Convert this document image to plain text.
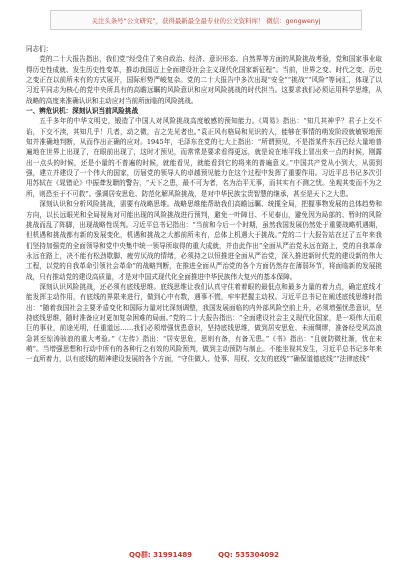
关注头条号“公文研究”，获得最新最全最专业的公文资料库！ 微信：gongwenyj

同志们：

党的二十大报告指出，我们党“经受住了来自政治、经济、意识形态、自然界等方面的风险挑战考验，党和国家事业取得历史性成就、发生历史性变革，推动我国迈上全面建设社会主义现代化国家新征程”。当前，世界之变、时代之变、历史之变正在以前所未有的方式展开，国际形势严峻复杂。党的二十大报告中多次出现“安全”“挑战”“风险”等词汇，体现了以习近平同志为核心的党中央所具有的高瞻远瞩的风险意识和应对风险挑战的时代担当。这要求我们必须运用科学思维，从战略的高度来准确认识和主动应对当前所面临的风险挑战。

一、辨危识机：深刻认识当前风险挑战

五千多年的中华文明史，锻造了中国人对风险挑战高度敏感的预知能力。《周易》指出：“知几其神乎？君子上交不谄，下交不渎，其知几乎！几者，动之微，吉之先见者也。”袁正风有格局和见识的人，能够在事情的萌发阶段就敏锐地预知并准确地判断，从而作出正确的应对。1945年，毛泽东在党的七大上指出：“所谓预见，不是指某件东西已经大量地普遍地在世界上出现了，在眼前出现了，这时才预见，而常常是要求看得更远，就是说在地平线上冒出来一点的时候，刚露出一点头的时候，还是小量的不普遍的时候，就能看见，就能看到它的将来的普遍意义。”中国共产党从小到大，从弱到强，建立并建设了一个伟大的国家，历届党的领导人的卓越预见能力在这个过程中发挥了重要作用。习近平总书记多次引用苏轼在《晁错论》中振聋发聩的警告，“天下之患，最不可为者，名为治平无事，而其实有不测之忧。坐观其变而不为之所，则恐至于不可救”。强调居安思危、防范化解风险挑战，是对中华民族宝贵智慧的继承，甚至是天下之大患。

深刻认识和分析风险挑战，需要有战略思维。战略思维能帮助我们高瞻远瞩、统揽全局，把握事物发展的总体趋势和方向，以长远眼光和全局视角对可能出现的风险挑战进行预判，避免一叶障目、不见泰山，避免因为局部的、暂时的风险挑战而乱了阵脚，出现战略性误判。习近平总书记指出：“当前和今后一个时期，虽然我国发展仍然处于重要战略机遇期，但机遇和挑战都有新的发展变化，机遇和挑战之大都前所未有，总体上机遇大于挑战。”党的二十大报告站在过了五年来我们坚持加强党的全面领导和党中央集中统一领导所取得的重大成就，并由此作出“全面从严治党永远在路上，党的自我革命永远在路上，决不能有松劲歇脚、疲劳厌战的情绪，必须持之以恒推进全面从严治党，深入推进新时代党的建设新的伟大工程，以党的自我革命引领社会革命”的战略判断，在推进全面从严治党的各个方面仍然存在薄弱环节，将面临新的发展挑战，只有推动党的建设高质量，才是对中国式现代化全面推进中华民族伟大复兴的基本保障。

深刻认识风险挑战，还必须有底线思维。底线思维让我们认真守住着着眼的最低点和最多力量的着力点，确定底线才能发挥主动作用，有底线的界限来进行，做到心中有数，遇事不慌，牢牢把握主动权。习近平总书记在阐述底线思维时指出：“随着我国社会主要矛盾变化和国际力量对比深刻调整，我国发展面临的内外部风险空前上升，必须增强忧患意识，坚持底线思维，随时准备应对更加复杂困难的局面。”党的二十大报告指出：“全面建设社会主义现代化国家，是一项伟大而艰巨的事业，前途光明，任重道远……我们必须增强忧患意识，坚持底线思维，做到居安思危、未雨绸缪，准备经受风高浪急甚至惊涛骇浪的重大考验。”《左传》指出：“居安思危，思则有备，有备无患。”《书》指出：“且就防微杜渐，忧在未萌”。当增强思想和行动中所有的各种行之有效的风险预判，做到主动预防与制止。不能坐视其发生，习近平总书记多年来一直所着力，以有底线的精神建设发展的各个方面，“守住做人、处事、用权、交友的底线”“确保道德底线”“法律底线”

QQ群: 31991489	QQ: 535304092
